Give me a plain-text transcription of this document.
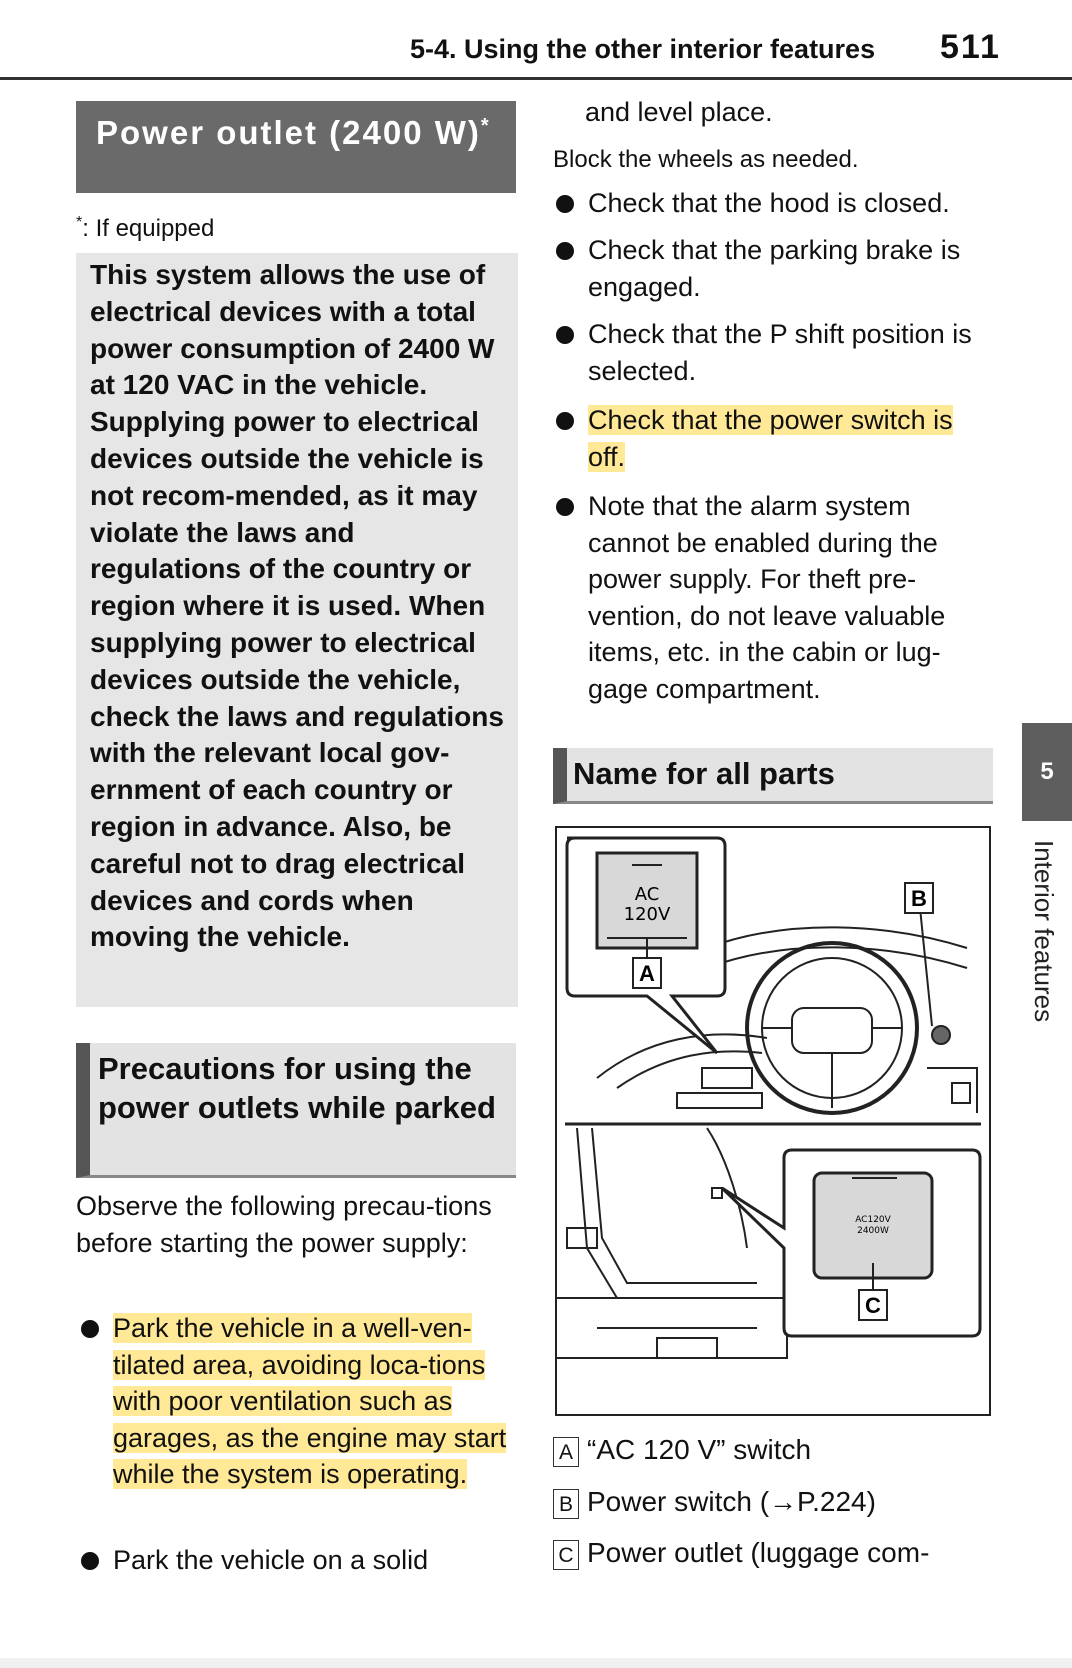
5-4. Using the other interior features 511
Power outlet (2400 W)*
*: If equipped
This system allows the use of electrical devices with a total power consumption of 2400 W at 120 VAC in the vehicle. Supplying power to electrical devices outside the vehicle is not recom-mended, as it may violate the laws and regulations of the country or region where it is used. When supplying power to electrical devices outside the vehicle, check the laws and regulations with the relevant local gov-ernment of each country or region in advance. Also, be careful not to drag electrical devices and cords when moving the vehicle.
Precautions for using the power outlets while parked
Observe the following precau-tions before starting the power supply:
Park the vehicle in a well-ven-tilated area, avoiding loca-tions with poor ventilation such as garages, as the engine may start while the system is operating.
Park the vehicle on a solid
and level place.
Block the wheels as needed.
Check that the hood is closed.
Check that the parking brake is engaged.
Check that the P shift position is selected.
Check that the power switch is off.
Note that the alarm system cannot be enabled during the power supply. For theft pre-vention, do not leave valuable items, etc. in the cabin or lug-gage compartment.
Name for all parts
AC
120V
A
B
AC120V
2400W
C
A “AC 120 V” switch
B Power switch (→P.224)
C Power outlet (luggage com-
5
Interior features
